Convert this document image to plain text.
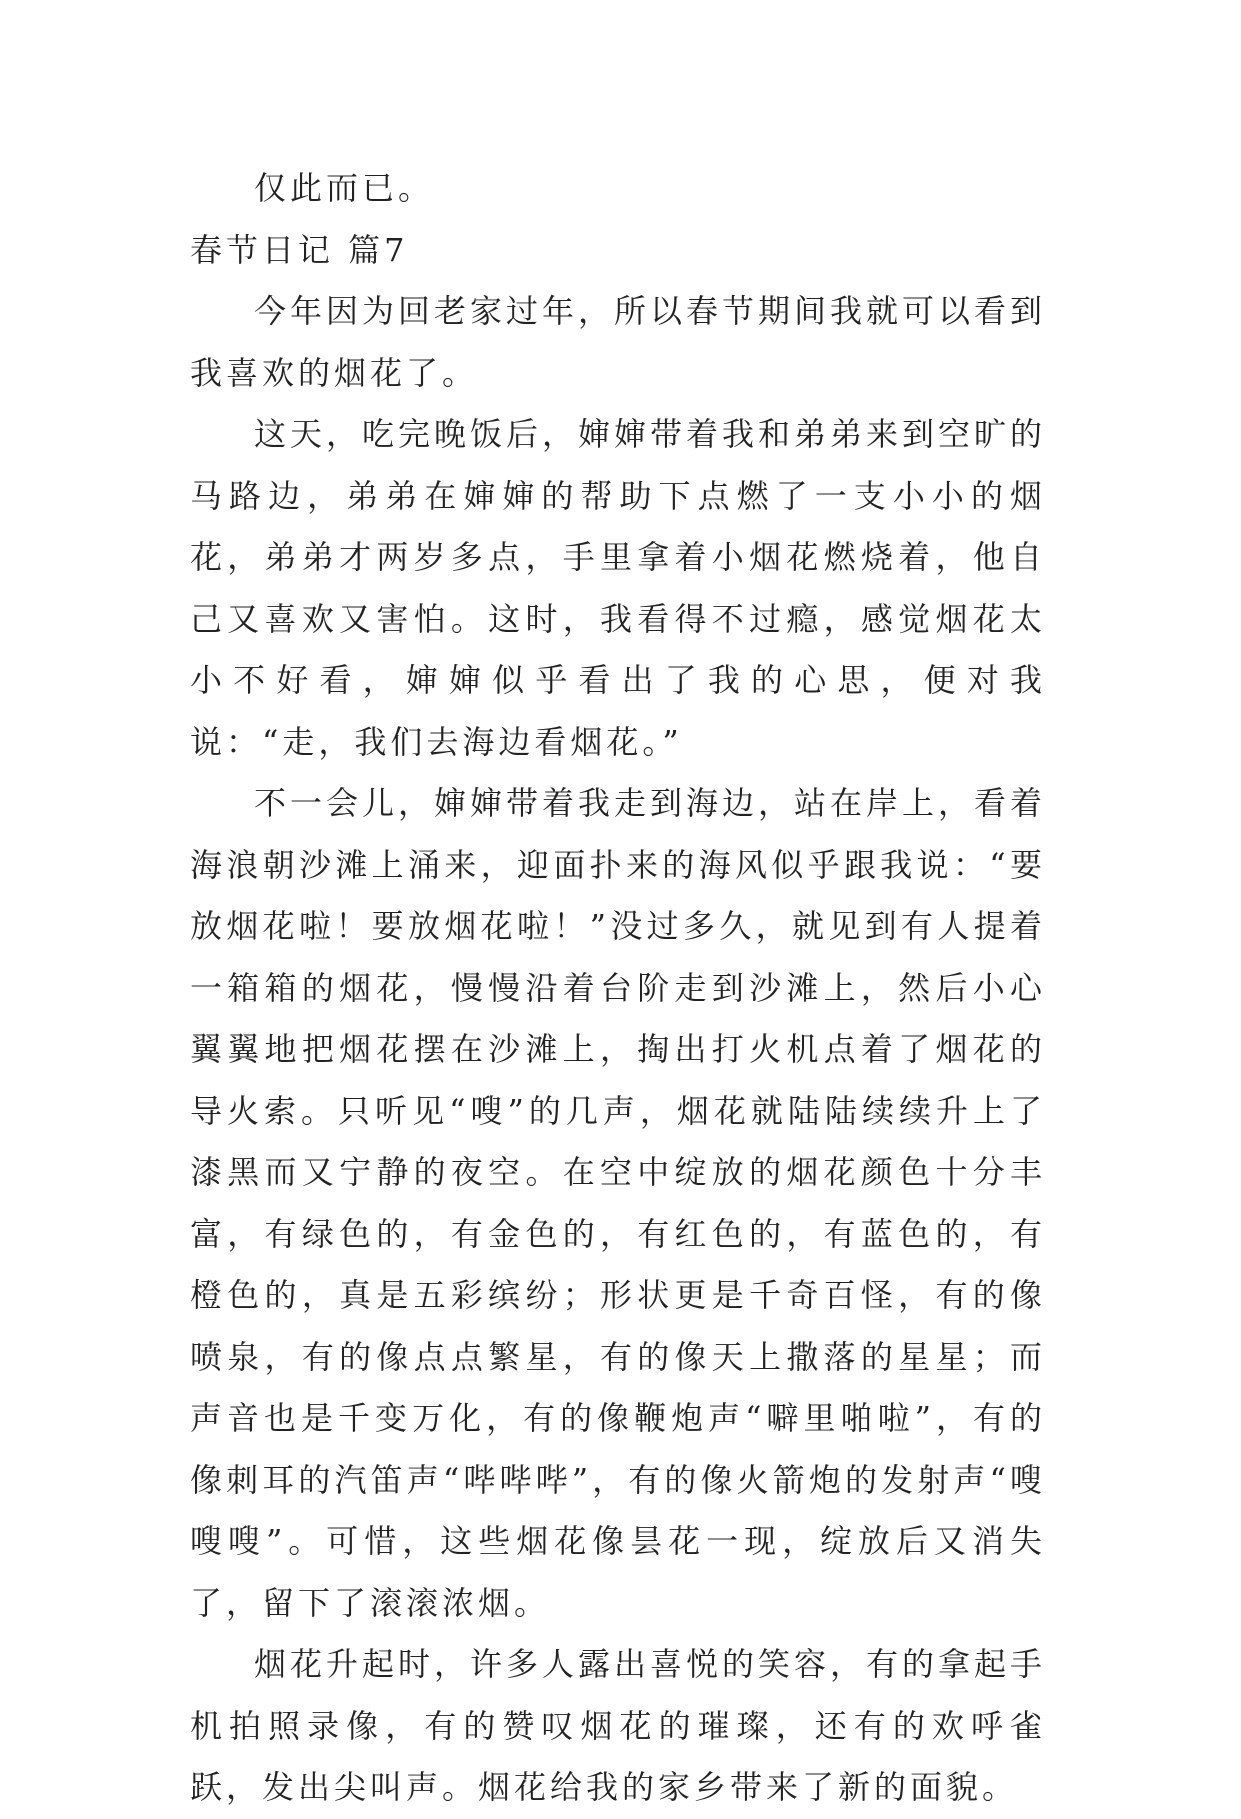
仅此而已。

春节日记 篇7

今年因为回老家过年，所以春节期间我就可以看到我喜欢的烟花了。

这天，吃完晚饭后，婶婶带着我和弟弟来到空旷的马路边，弟弟在婶婶的帮助下点燃了一支小小的烟花，弟弟才两岁多点，手里拿着小烟花燃烧着，他自己又喜欢又害怕。这时，我看得不过瘾，感觉烟花太小不好看，婶婶似乎看出了我的心思，便对我说：“走，我们去海边看烟花。”

不一会儿，婶婶带着我走到海边，站在岸上，看着海浪朝沙滩上涌来，迎面扑来的海风似乎跟我说：“要放烟花啦！要放烟花啦！”没过多久，就见到有人提着一箱箱的烟花，慢慢沿着台阶走到沙滩上，然后小心翼翼地把烟花摆在沙滩上，掏出打火机点着了烟花的导火索。只听见“嗖”的几声，烟花就陆陆续续升上了漆黑而又宁静的夜空。在空中绽放的烟花颜色十分丰富，有绿色的，有金色的，有红色的，有蓝色的，有橙色的，真是五彩缤纷；形状更是千奇百怪，有的像喷泉，有的像点点繁星，有的像天上撒落的星星；而声音也是千变万化，有的像鞭炮声“噼里啪啦”，有的像刺耳的汽笛声“哔哔哔”，有的像火箭炮的发射声“嗖嗖嗖”。可惜，这些烟花像昙花一现，绽放后又消失了，留下了滚滚浓烟。

烟花升起时，许多人露出喜悦的笑容，有的拿起手机拍照录像，有的赞叹烟花的璀璨，还有的欢呼雀跃，发出尖叫声。烟花给我的家乡带来了新的面貌。
